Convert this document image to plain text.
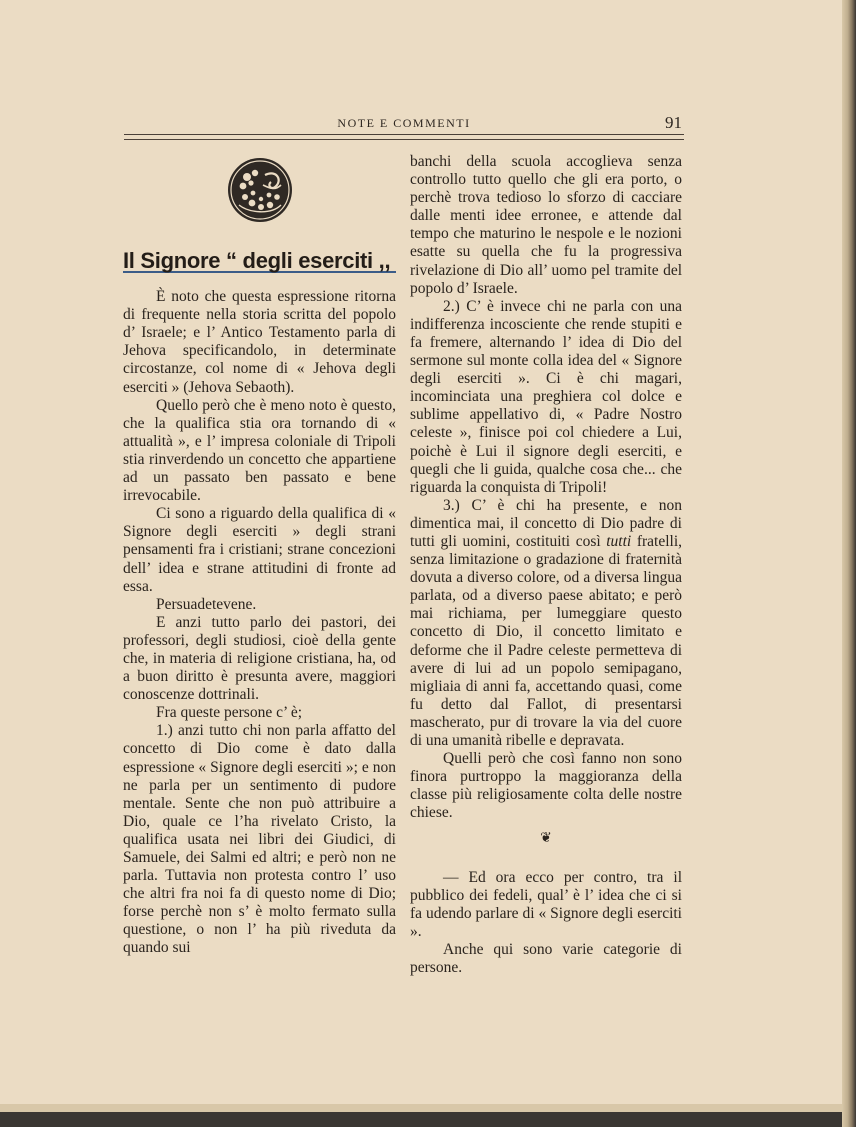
NOTE E COMMENTI	91
Il Signore “ degli eserciti ,,

È noto che questa espressione ritorna di frequente nella storia scritta del popolo d’ Israele; e l’ Antico Testamento parla di Jehova specificandolo, in determinate circostanze, col nome di « Jehova degli eserciti » (Jehova Sebaoth).

Quello però che è meno noto è questo, che la qualifica stia ora tornando di « attualità », e l’ impresa coloniale di Tripoli stia rinverdendo un concetto che appartiene ad un passato ben passato e bene irrevocabile.

Ci sono a riguardo della qualifica di « Signore degli eserciti » degli strani pensamenti fra i cristiani; strane concezioni dell’ idea e strane attitudini di fronte ad essa.

Persuadetevene.

E anzi tutto parlo dei pastori, dei professori, degli studiosi, cioè della gente che, in materia di religione cristiana, ha, od a buon diritto è presunta avere, maggiori conoscenze dottrinali.

Fra queste persone c’ è;

1.) anzi tutto chi non parla affatto del concetto di Dio come è dato dalla espressione « Signore degli eserciti »; e non ne parla per un sentimento di pudore mentale. Sente che non può attribuire a Dio, quale ce l’ha rivelato Cristo, la qualifica usata nei libri dei Giudici, di Samuele, dei Salmi ed altri; e però non ne parla. Tuttavia non protesta contro l’ uso che altri fra noi fa di questo nome di Dio; forse perchè non s’ è molto fermato sulla questione, o non l’ ha più riveduta da quando sui

banchi della scuola accoglieva senza controllo tutto quello che gli era porto, o perchè trova tedioso lo sforzo di cacciare dalle menti idee erronee, e attende dal tempo che maturino le nespole e le nozioni esatte su quella che fu la progressiva rivelazione di Dio all’ uomo pel tramite del popolo d’ Israele.

2.) C’ è invece chi ne parla con una indifferenza incosciente che rende stupiti e fa fremere, alternando l’ idea di Dio del sermone sul monte colla idea del « Signore degli eserciti ». Ci è chi magari, incominciata una preghiera col dolce e sublime appellativo di, « Padre Nostro celeste », finisce poi col chiedere a Lui, poichè è Lui il signore degli eserciti, e quegli che li guida, qualche cosa che... che riguarda la conquista di Tripoli!

3.) C’ è chi ha presente, e non dimentica mai, il concetto di Dio padre di tutti gli uomini, costituiti così tutti fratelli, senza limitazione o gradazione di fraternità dovuta a diverso colore, od a diversa lingua parlata, od a diverso paese abitato; e però mai richiama, per lumeggiare questo concetto di Dio, il concetto limitato e deforme che il Padre celeste permetteva di avere di lui ad un popolo semipagano, migliaia di anni fa, accettando quasi, come fu detto dal Fallot, di presentarsi mascherato, pur di trovare la via del cuore di una umanità ribelle e depravata.

Quelli però che così fanno non sono finora purtroppo la maggioranza della classe più religiosamente colta delle nostre chiese.

❦

— Ed ora ecco per contro, tra il pubblico dei fedeli, qual’ è l’ idea che ci si fa udendo parlare di « Signore degli eserciti ».

Anche qui sono varie categorie di persone.
